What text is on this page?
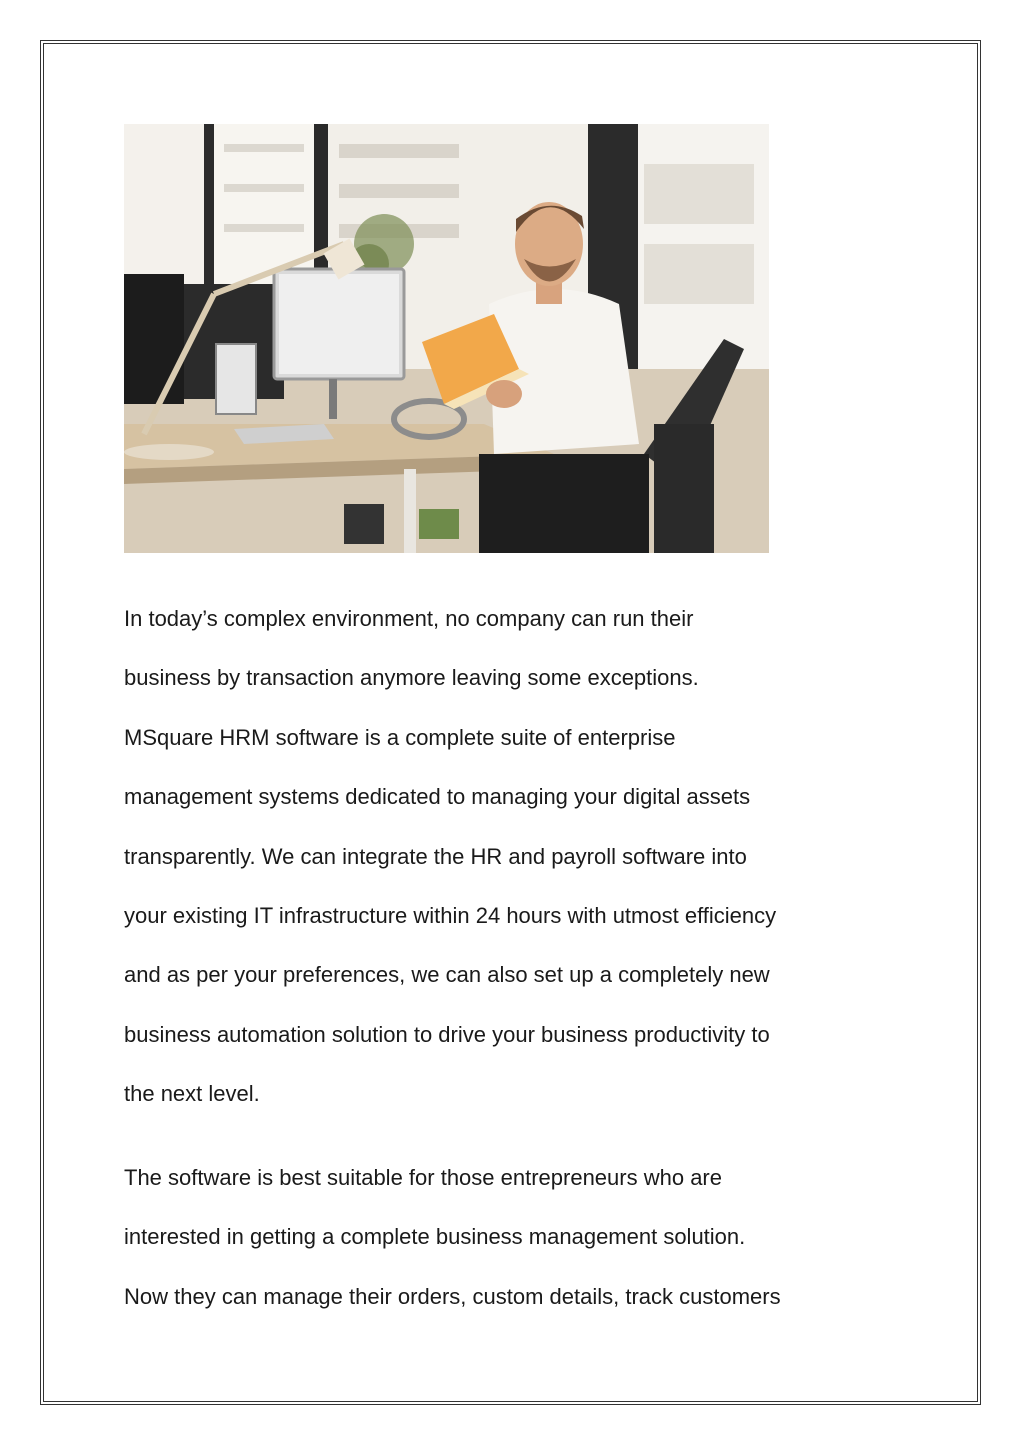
In today’s complex environment, no company can run their
business by transaction anymore leaving some exceptions.
MSquare HRM software is a complete suite of enterprise
management systems dedicated to managing your digital assets
transparently. We can integrate the HR and payroll software into
your existing IT infrastructure within 24 hours with utmost efficiency
and as per your preferences, we can also set up a completely new
business automation solution to drive your business productivity to
the next level.
The software is best suitable for those entrepreneurs who are
interested in getting a complete business management solution.
Now they can manage their orders, custom details, track customers
